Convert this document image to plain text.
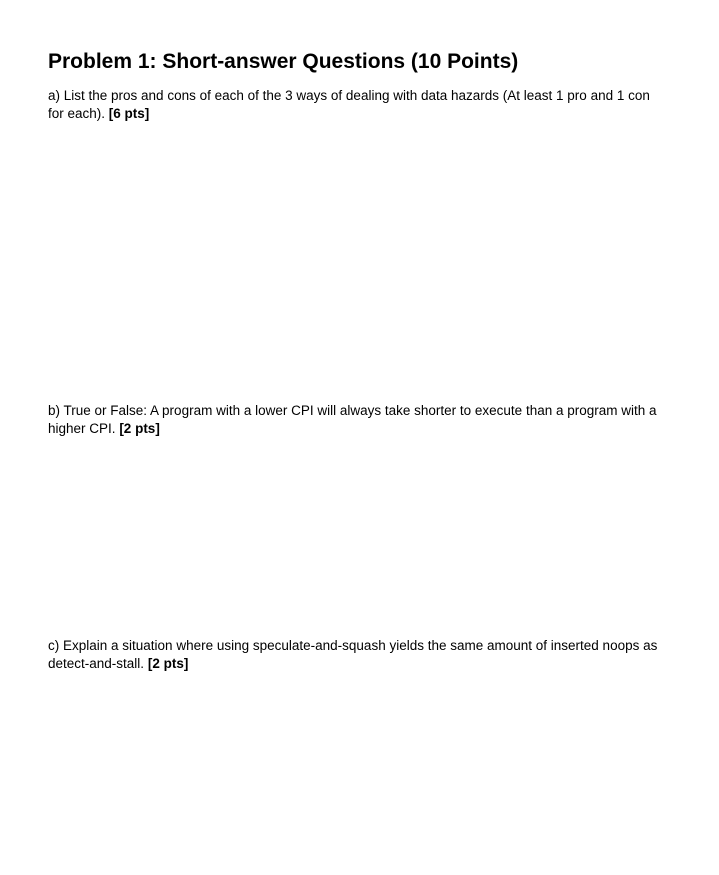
Problem 1: Short-answer Questions (10 Points)

a) List the pros and cons of each of the 3 ways of dealing with data hazards (At least 1 pro and 1 con for each). [6 pts]

b) True or False: A program with a lower CPI will always take shorter to execute than a program with a higher CPI. [2 pts]

c) Explain a situation where using speculate-and-squash yields the same amount of inserted noops as detect-and-stall. [2 pts]
